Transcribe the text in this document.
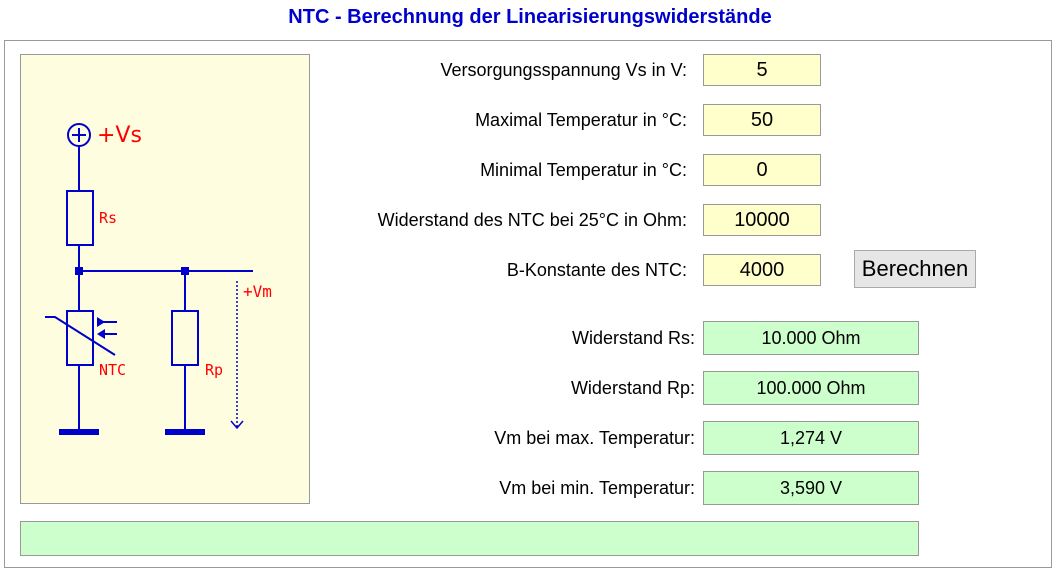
NTC - Berechnung der Linearisierungswiderstände
+Vs
Rs
NTC	Rp
+Vm
Versorgungsspannung Vs in V:
5
Maximal Temperatur in °C:
50
Minimal Temperatur in °C:
0
Widerstand des NTC bei 25°C in Ohm:
10000
B-Konstante des NTC:
4000	Berechnen
Widerstand Rs:	10.000 Ohm
Widerstand Rp:	100.000 Ohm
Vm bei max. Temperatur:	1,274 V
Vm bei min. Temperatur:	3,590 V
